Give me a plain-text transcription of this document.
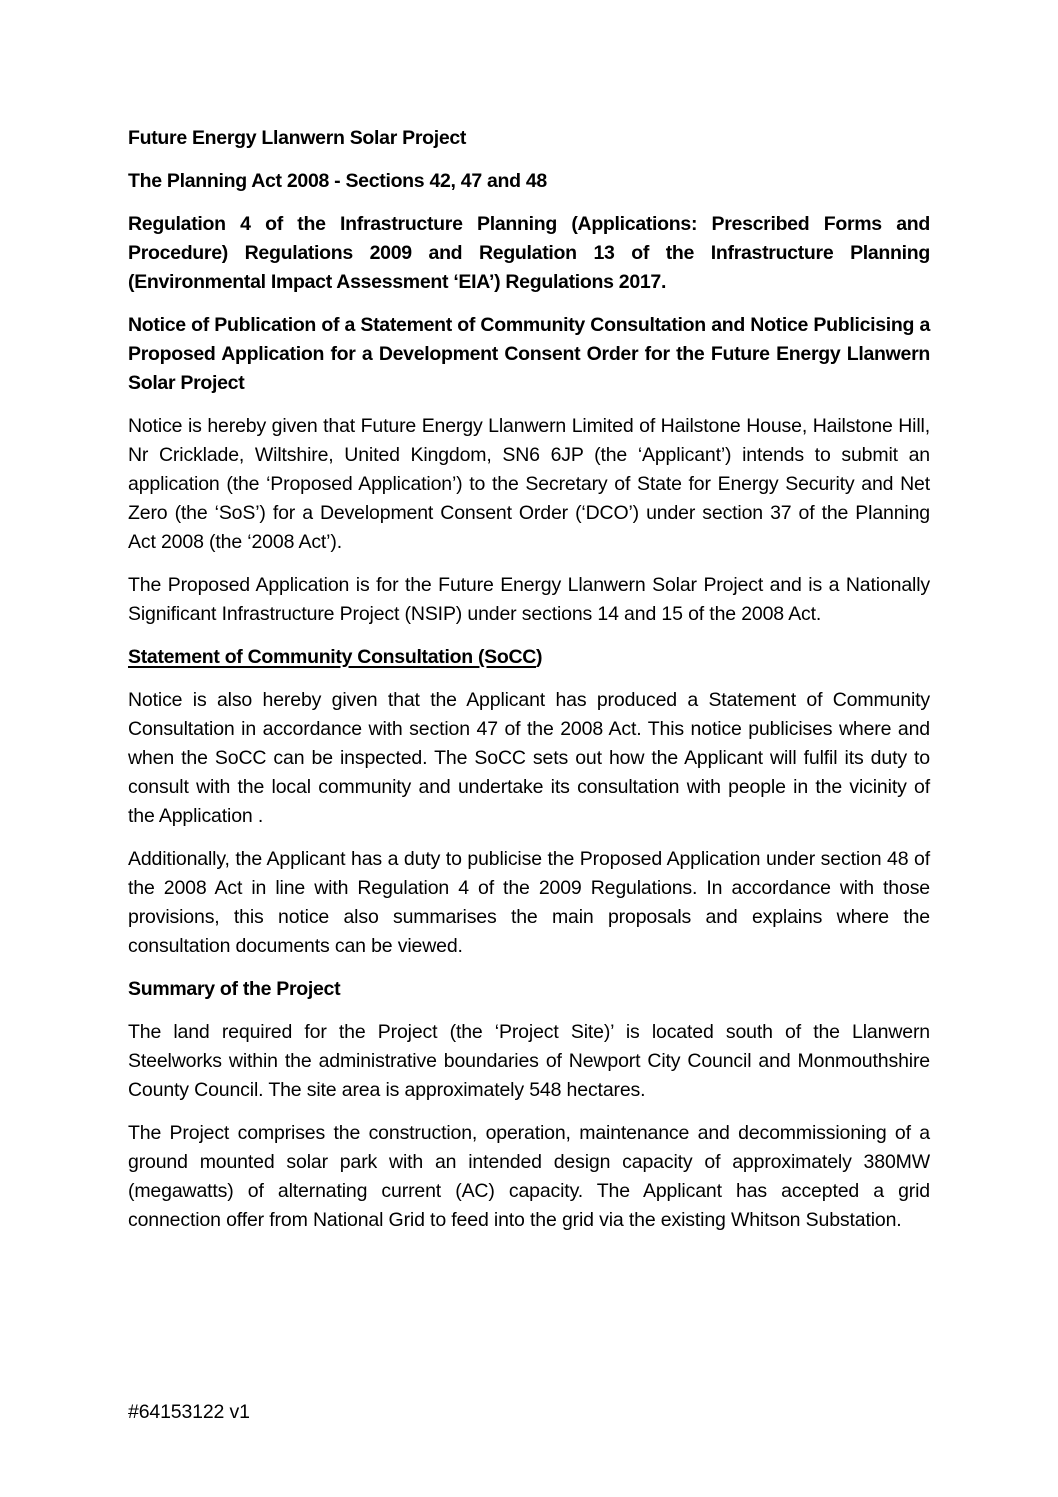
Future Energy Llanwern Solar Project

The Planning Act 2008 - Sections 42, 47 and 48

Regulation 4 of the Infrastructure Planning (Applications: Prescribed Forms and Procedure) Regulations 2009 and Regulation 13 of the Infrastructure Planning (Environmental Impact Assessment ‘EIA’) Regulations 2017.

Notice of Publication of a Statement of Community Consultation and Notice Publicising a Proposed Application for a Development Consent Order for the Future Energy Llanwern Solar Project

Notice is hereby given that Future Energy Llanwern Limited of Hailstone House, Hailstone Hill, Nr Cricklade, Wiltshire, United Kingdom, SN6 6JP (the ‘Applicant’) intends to submit an application (the ‘Proposed Application’) to the Secretary of State for Energy Security and Net Zero (the ‘SoS’) for a Development Consent Order (‘DCO’) under section 37 of the Planning Act 2008 (the ‘2008 Act’).

The Proposed Application is for the Future Energy Llanwern Solar Project and is a Nationally Significant Infrastructure Project (NSIP) under sections 14 and 15 of the 2008 Act.

Statement of Community Consultation (SoCC)

Notice is also hereby given that the Applicant has produced a Statement of Community Consultation in accordance with section 47 of the 2008 Act. This notice publicises where and when the SoCC can be inspected. The SoCC sets out how the Applicant will fulfil its duty to consult with the local community and undertake its consultation with people in the vicinity of the Application .

Additionally, the Applicant has a duty to publicise the Proposed Application under section 48 of the 2008 Act in line with Regulation 4 of the 2009 Regulations. In accordance with those provisions, this notice also summarises the main proposals and explains where the consultation documents can be viewed.

Summary of the Project

The land required for the Project (the ‘Project Site)’ is located south of the Llanwern Steelworks within the administrative boundaries of Newport City Council and Monmouthshire County Council. The site area is approximately 548 hectares.

The Project comprises the construction, operation, maintenance and decommissioning of a ground mounted solar park with an intended design capacity of approximately 380MW (megawatts) of alternating current (AC) capacity. The Applicant has accepted a grid connection offer from National Grid to feed into the grid via the existing Whitson Substation.

#64153122 v1
